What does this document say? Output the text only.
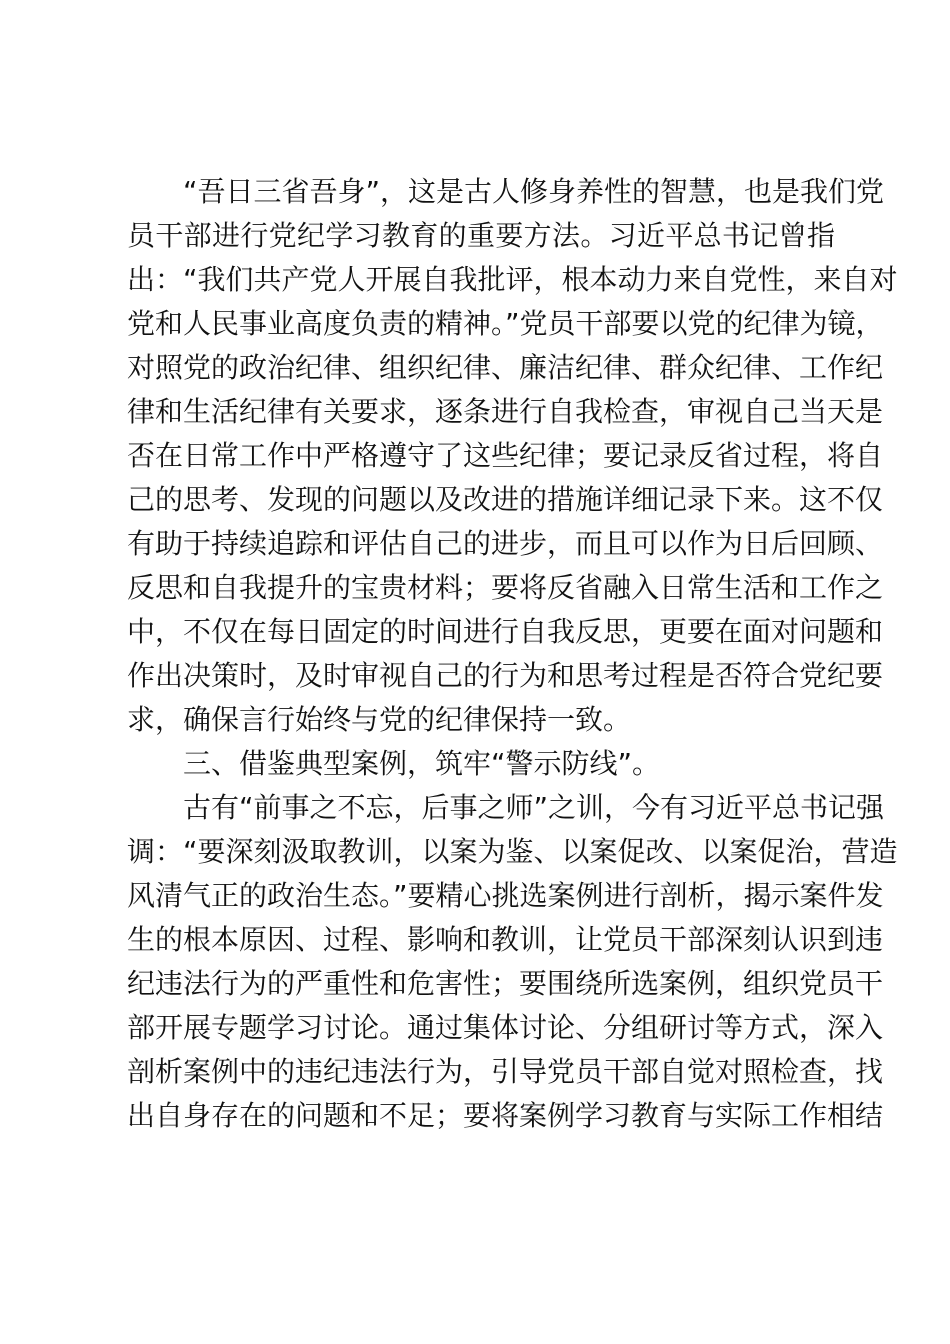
“吾日三省吾身”，这是古人修身养性的智慧，也是我们党
员干部进行党纪学习教育的重要方法。习近平总书记曾指
出：“我们共产党人开展自我批评，根本动力来自党性，来自对
党和人民事业高度负责的精神。”党员干部要以党的纪律为镜，
对照党的政治纪律、组织纪律、廉洁纪律、群众纪律、工作纪
律和生活纪律有关要求，逐条进行自我检查，审视自己当天是
否在日常工作中严格遵守了这些纪律；要记录反省过程，将自
己的思考、发现的问题以及改进的措施详细记录下来。这不仅
有助于持续追踪和评估自己的进步，而且可以作为日后回顾、
反思和自我提升的宝贵材料；要将反省融入日常生活和工作之
中，不仅在每日固定的时间进行自我反思，更要在面对问题和
作出决策时，及时审视自己的行为和思考过程是否符合党纪要
求，确保言行始终与党的纪律保持一致。
三、借鉴典型案例，筑牢“警示防线”。
古有“前事之不忘，后事之师”之训，今有习近平总书记强
调：“要深刻汲取教训，以案为鉴、以案促改、以案促治，营造
风清气正的政治生态。”要精心挑选案例进行剖析，揭示案件发
生的根本原因、过程、影响和教训，让党员干部深刻认识到违
纪违法行为的严重性和危害性；要围绕所选案例，组织党员干
部开展专题学习讨论。通过集体讨论、分组研讨等方式，深入
剖析案例中的违纪违法行为，引导党员干部自觉对照检查，找
出自身存在的问题和不足；要将案例学习教育与实际工作相结
